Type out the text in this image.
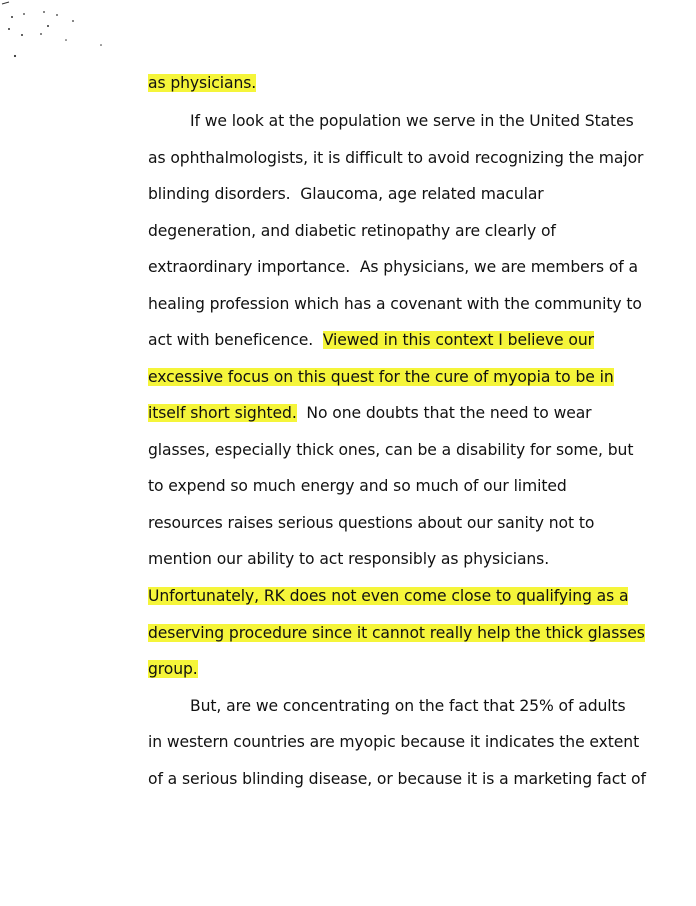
as physicians.
If we look at the population we serve in the United States
as ophthalmologists, it is difficult to avoid recognizing the major
blinding disorders.  Glaucoma, age related macular
degeneration, and diabetic retinopathy are clearly of
extraordinary importance.  As physicians, we are members of a
healing profession which has a covenant with the community to
act with beneficence.  Viewed in this context I believe our
excessive focus on this quest for the cure of myopia to be in
itself short sighted.  No one doubts that the need to wear
glasses, especially thick ones, can be a disability for some, but
to expend so much energy and so much of our limited
resources raises serious questions about our sanity not to
mention our ability to act responsibly as physicians.
Unfortunately, RK does not even come close to qualifying as a
deserving procedure since it cannot really help the thick glasses
group.
But, are we concentrating on the fact that 25% of adults
in western countries are myopic because it indicates the extent
of a serious blinding disease, or because it is a marketing fact of
